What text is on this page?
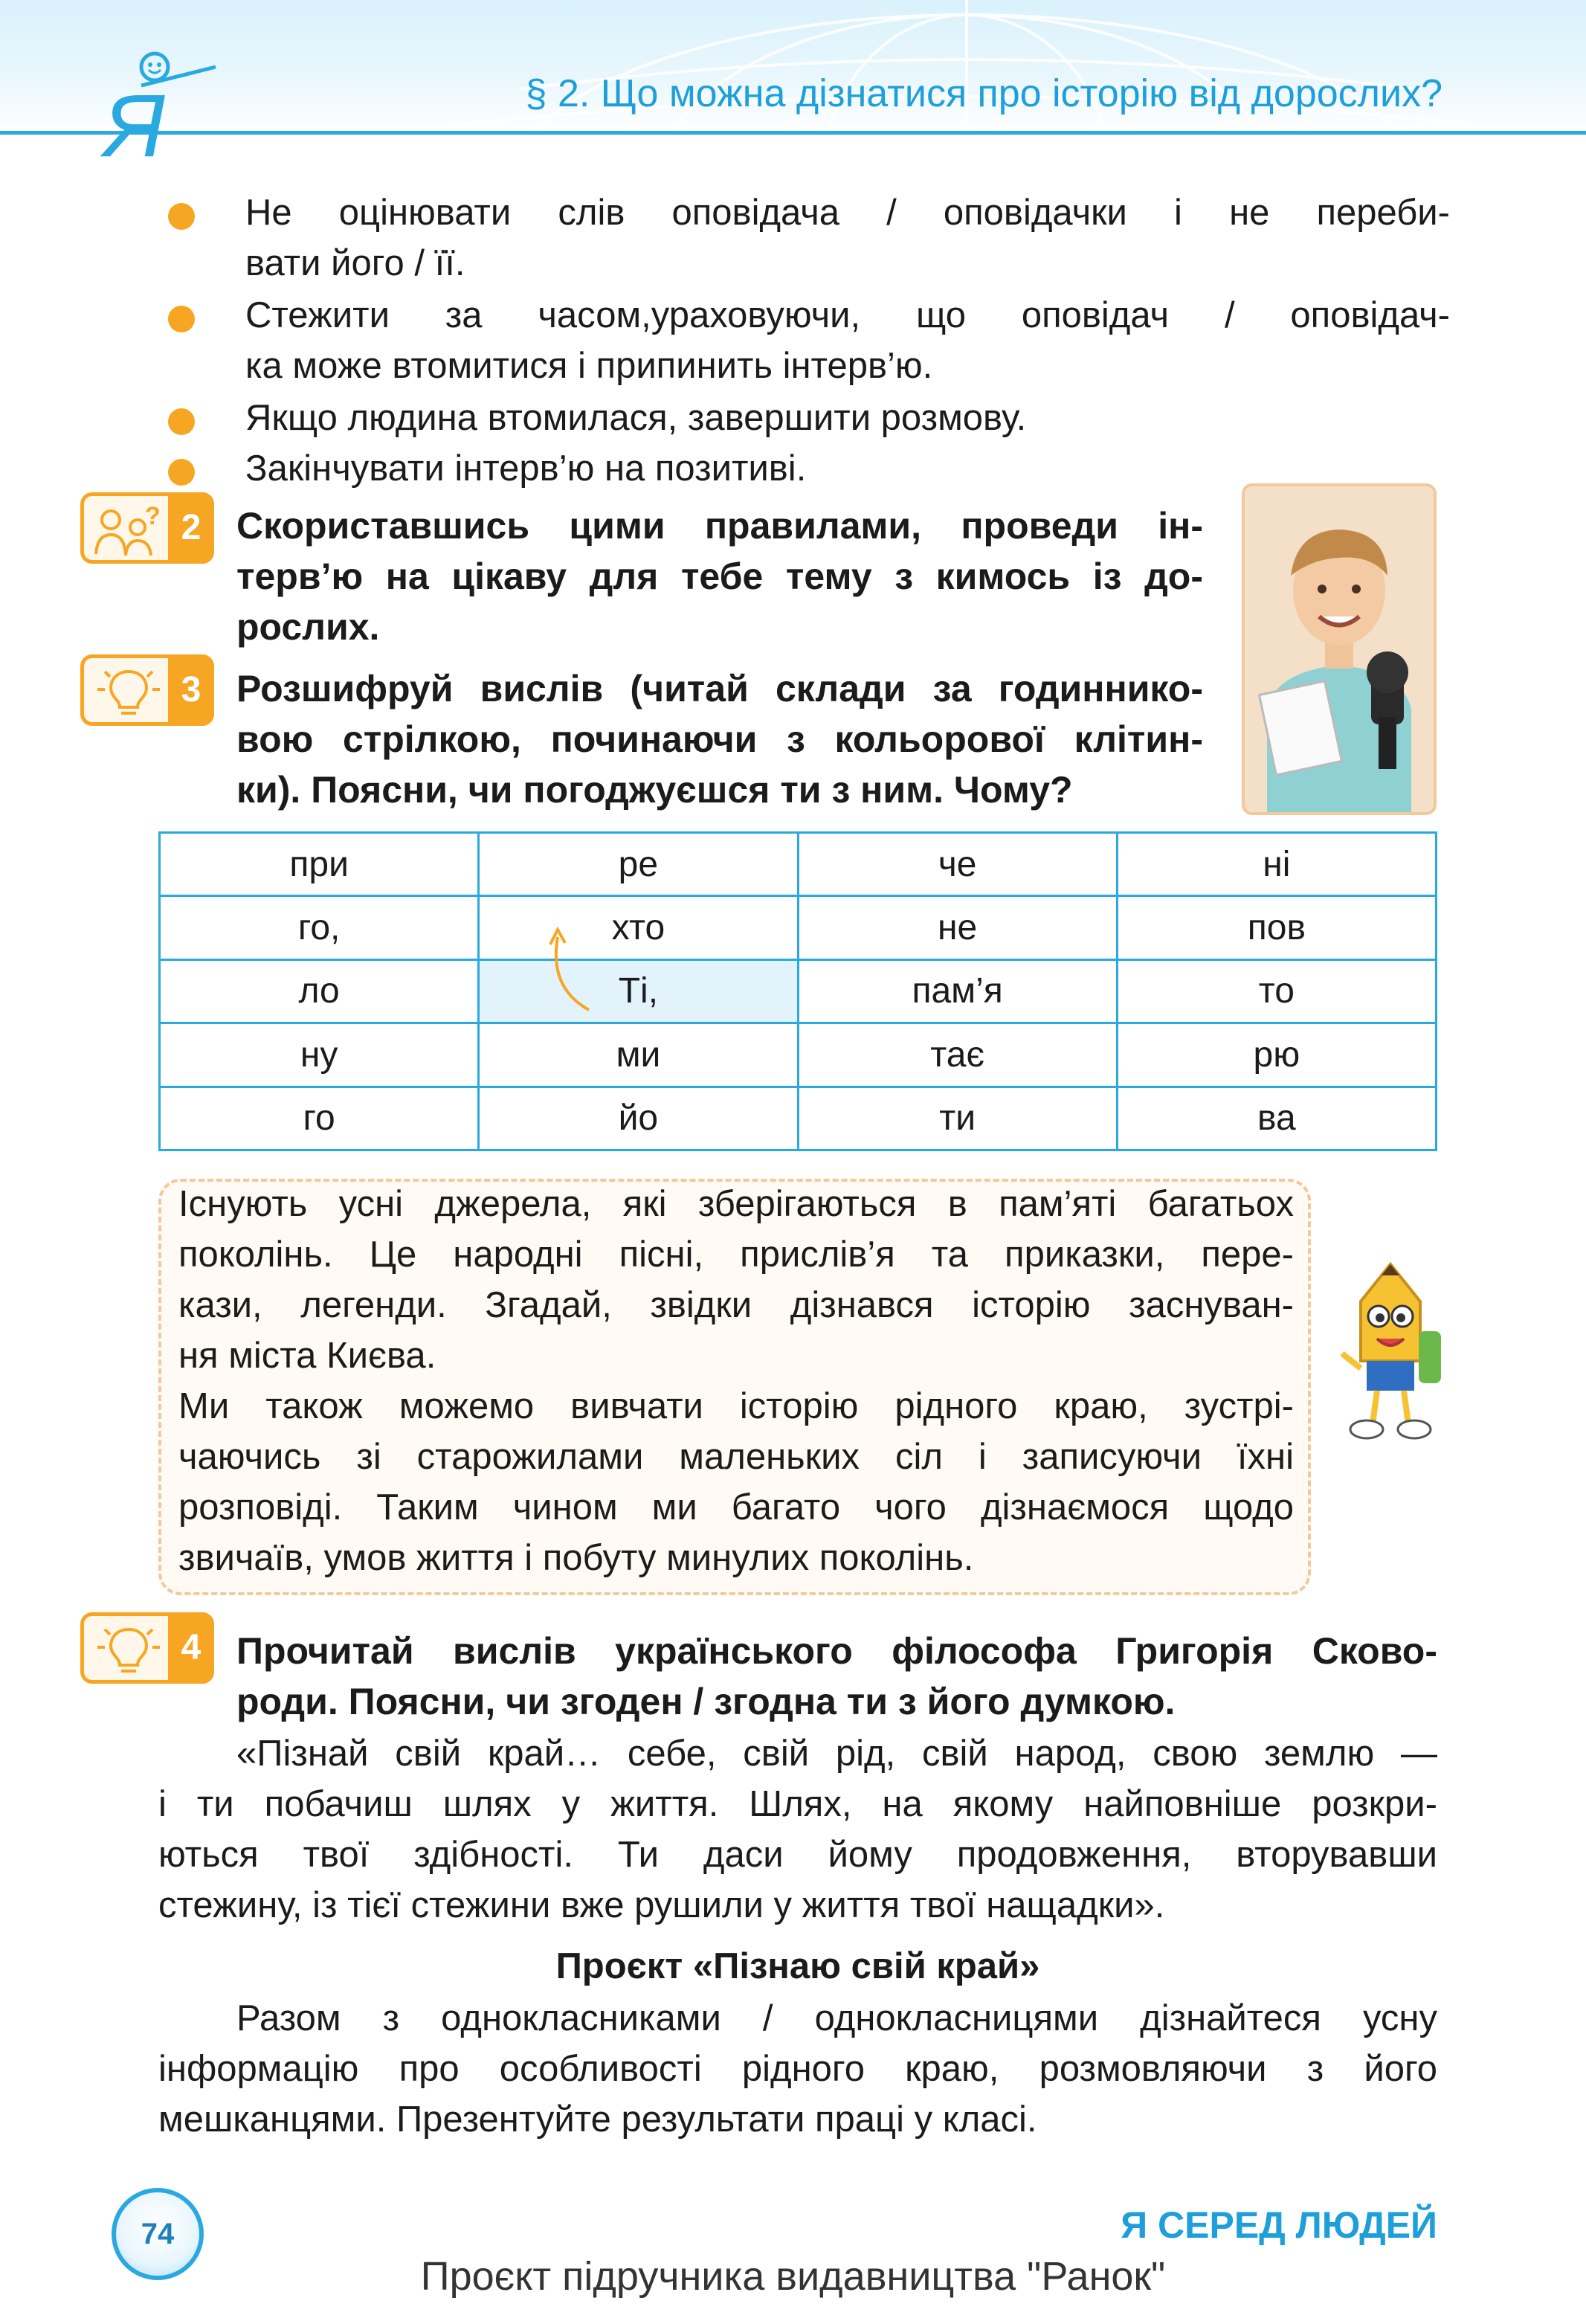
§ 2. Що можна дізнатися про історію від дорослих?
Я
Не оцінювати слів оповідача / оповідачки і не переби-
вати його / її.
Стежити за часом,ураховуючи, що оповідач / оповідач-
ка може втомитися і припинить інтерв’ю.
Якщо людина втомилася, завершити розмову.
Закінчувати інтерв’ю на позитиві.
? 2 Скориставшись цими правилами, проведи ін-
терв’ю на цікаву для тебе тему з кимось із до-
рослих.
3 Розшифруй вислів (читай склади за годиннико-
вою стрілкою, починаючи з кольорової клітин-
ки). Поясни, чи погоджуєшся ти з ним. Чому?
при	ре	че	ні
го,	хто	не	пов
ло	Ті,	пам’я	то
ну	ми	тає	рю
го	йо	ти	ва
Існують усні джерела, які зберігаються в пам’яті багатьох
поколінь. Це народні пісні, прислів’я та приказки, пере-
кази, легенди. Згадай, звідки дізнався історію заснуван-
ня міста Києва.
Ми також можемо вивчати історію рідного краю, зустрі-
чаючись зі старожилами маленьких сіл і записуючи їхні
розповіді. Таким чином ми багато чого дізнаємося щодо
звичаїв, умов життя і побуту минулих поколінь.
4 Прочитай вислів українського філософа Григорія Сково-
роди. Поясни, чи згоден / згодна ти з його думкою.
«Пізнай свій край… себе, свій рід, свій народ, свою землю —
і ти побачиш шлях у життя. Шлях, на якому найповніше розкри-
ються твої здібності. Ти даси йому продовження, вторувавши
стежину, із тієї стежини вже рушили у життя твої нащадки».
Проєкт «Пізнаю свій край»
Разом з однокласниками / однокласницями дізнайтеся усну
інформацію про особливості рідного краю, розмовляючи з його
мешканцями. Презентуйте результати праці у класі.
74	Я СЕРЕД ЛЮДЕЙ
Проєкт підручника видавництва "Ранок"
